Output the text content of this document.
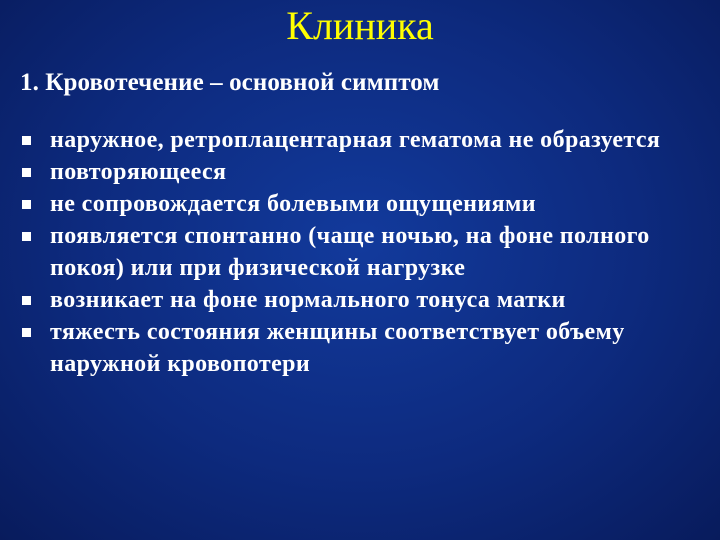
Клиника
1. Кровотечение – основной симптом
наружное, ретроплацентарная гематома не образуется
повторяющееся
не сопровождается болевыми ощущениями
появляется спонтанно (чаще ночью, на фоне полного покоя) или при физической нагрузке
возникает на фоне нормального тонуса матки
тяжесть состояния женщины соответствует объему наружной кровопотери
